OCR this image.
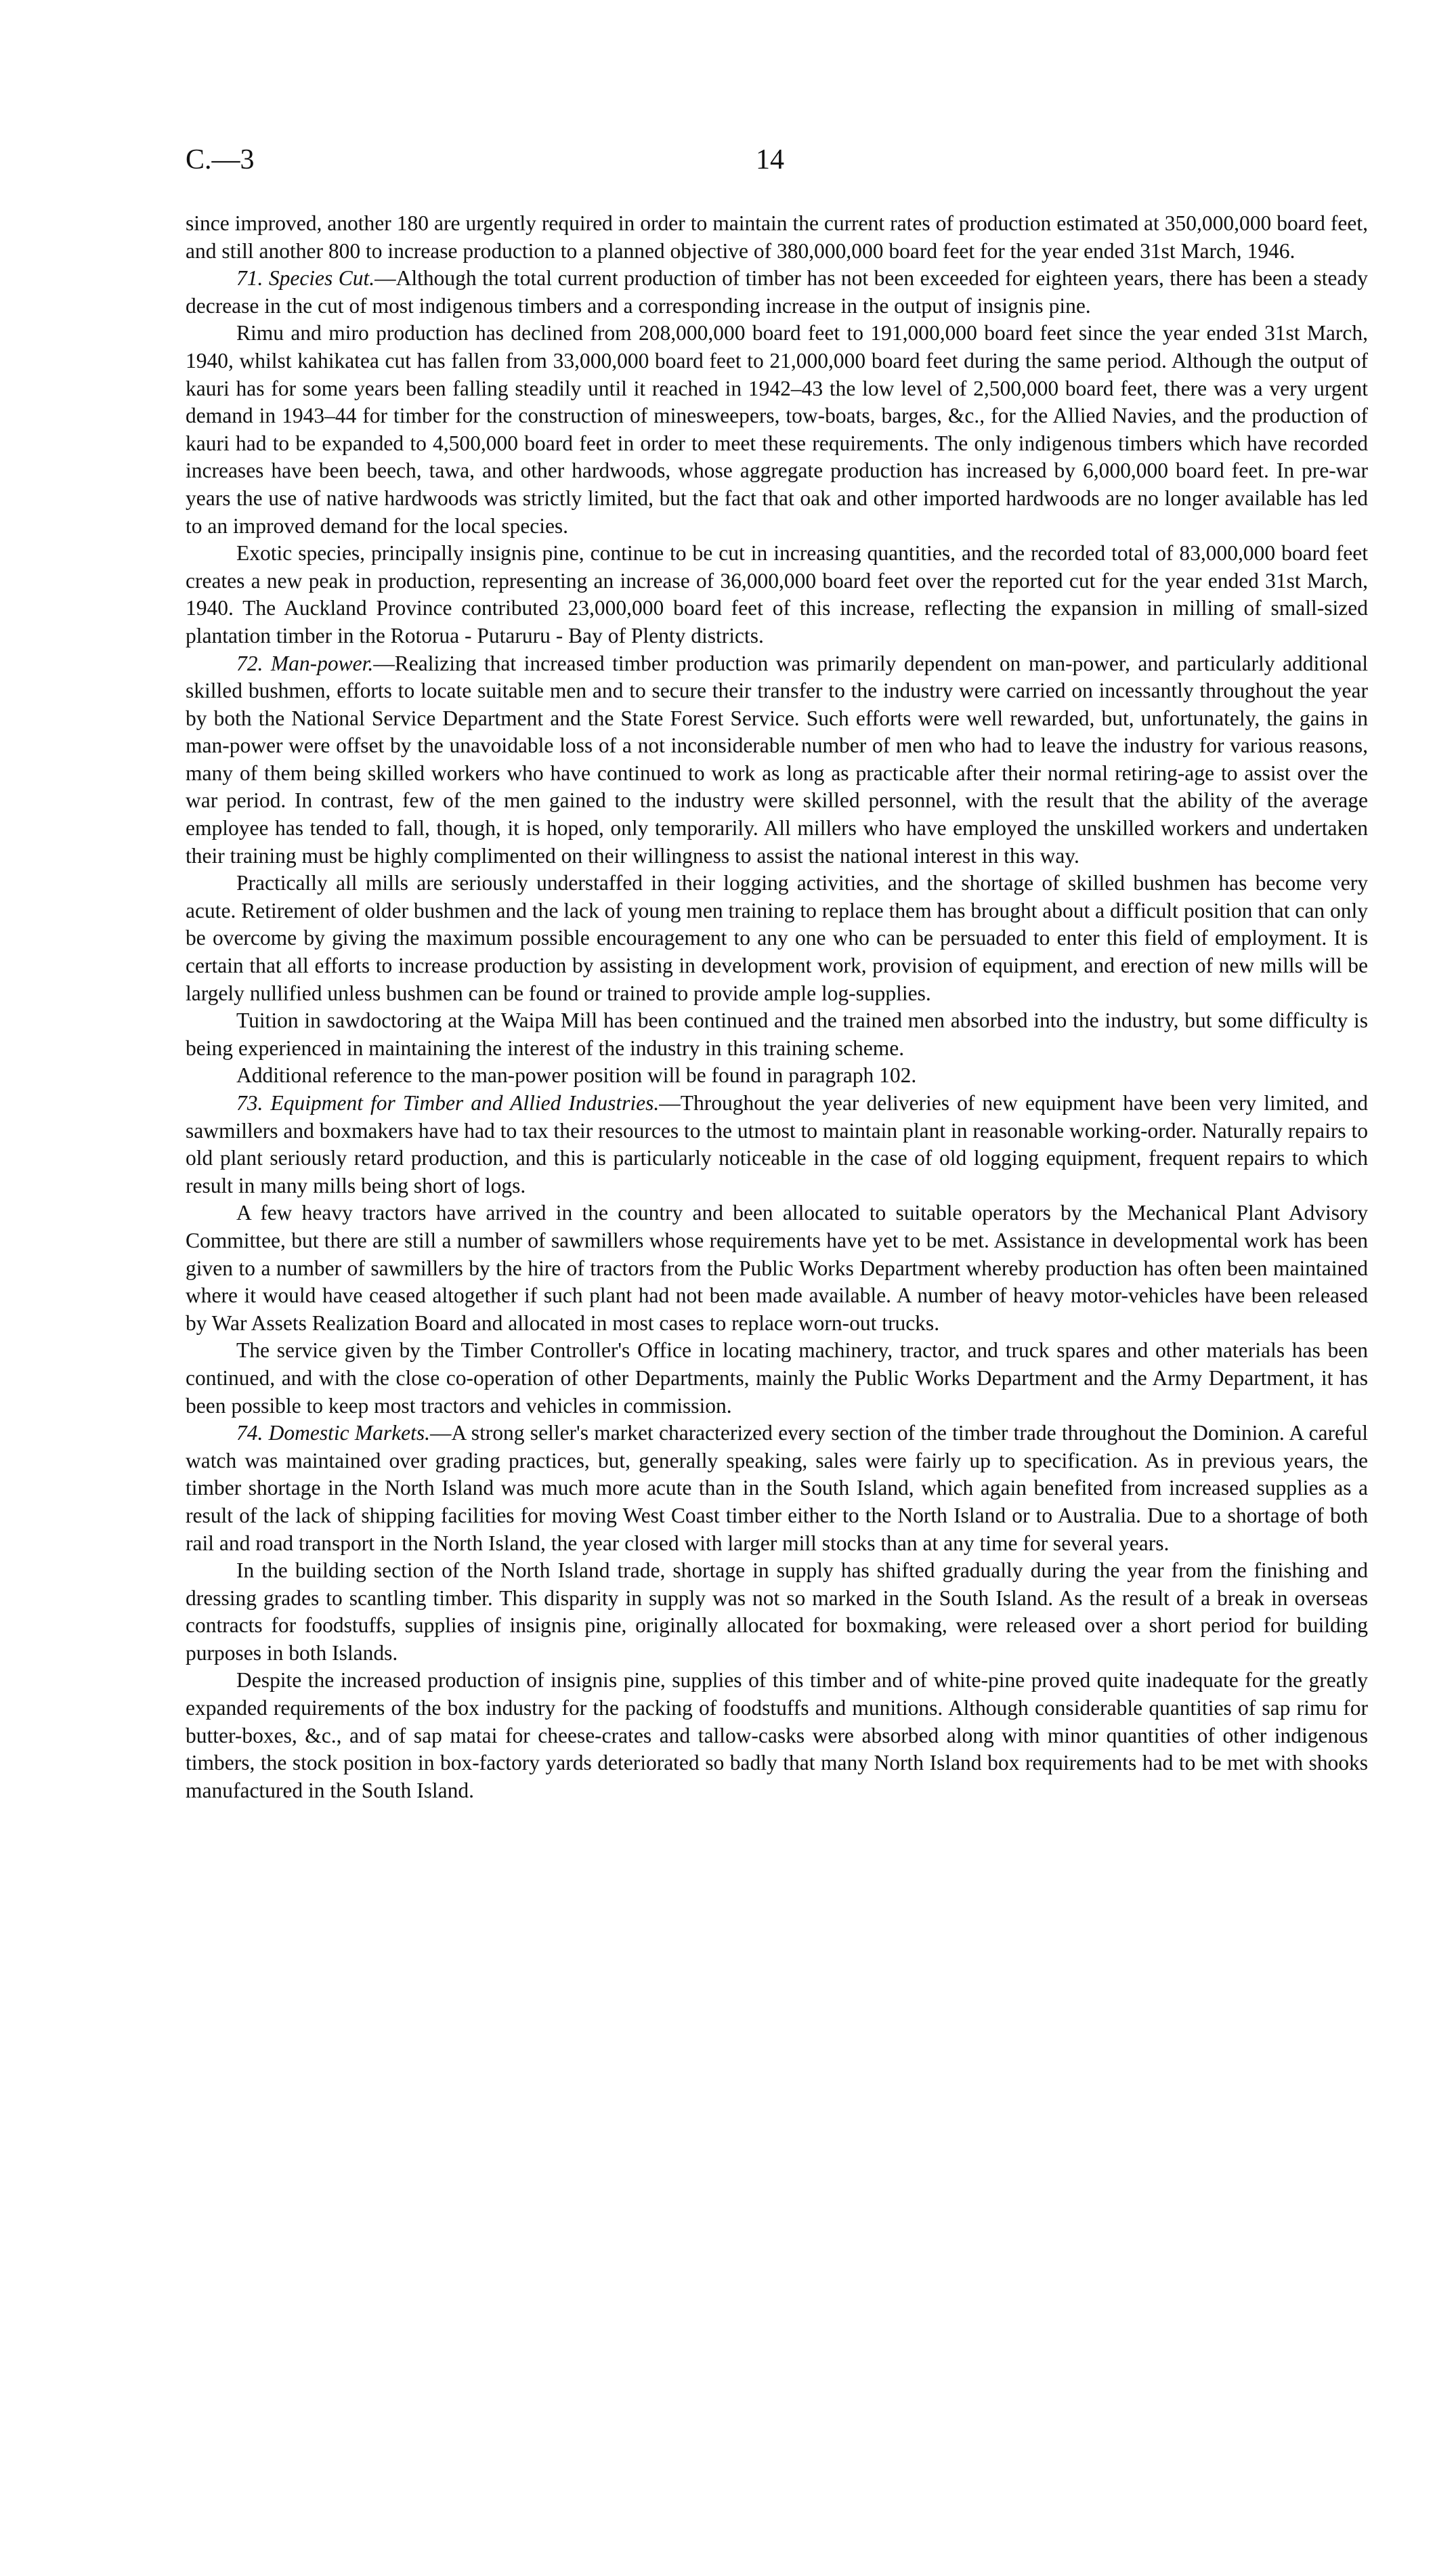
C.—3	14

since improved, another 180 are urgently required in order to maintain the current rates of production estimated at 350,000,000 board feet, and still another 800 to increase production to a planned objective of 380,000,000 board feet for the year ended 31st March, 1946.

71. Species Cut.—Although the total current production of timber has not been exceeded for eighteen years, there has been a steady decrease in the cut of most indigenous timbers and a corresponding increase in the output of insignis pine.

Rimu and miro production has declined from 208,000,000 board feet to 191,000,000 board feet since the year ended 31st March, 1940, whilst kahikatea cut has fallen from 33,000,000 board feet to 21,000,000 board feet during the same period. Although the output of kauri has for some years been falling steadily until it reached in 1942–43 the low level of 2,500,000 board feet, there was a very urgent demand in 1943–44 for timber for the construction of minesweepers, tow-boats, barges, &c., for the Allied Navies, and the production of kauri had to be expanded to 4,500,000 board feet in order to meet these requirements. The only indigenous timbers which have recorded increases have been beech, tawa, and other hardwoods, whose aggregate production has increased by 6,000,000 board feet. In pre-war years the use of native hardwoods was strictly limited, but the fact that oak and other imported hardwoods are no longer available has led to an improved demand for the local species.

Exotic species, principally insignis pine, continue to be cut in increasing quantities, and the recorded total of 83,000,000 board feet creates a new peak in production, representing an increase of 36,000,000 board feet over the reported cut for the year ended 31st March, 1940. The Auckland Province contributed 23,000,000 board feet of this increase, reflecting the expansion in milling of small-sized plantation timber in the Rotorua - Putaruru - Bay of Plenty districts.

72. Man-power.—Realizing that increased timber production was primarily dependent on man-power, and particularly additional skilled bushmen, efforts to locate suitable men and to secure their transfer to the industry were carried on incessantly throughout the year by both the National Service Department and the State Forest Service. Such efforts were well rewarded, but, unfortunately, the gains in man-power were offset by the unavoidable loss of a not inconsiderable number of men who had to leave the industry for various reasons, many of them being skilled workers who have continued to work as long as practicable after their normal retiring-age to assist over the war period. In contrast, few of the men gained to the industry were skilled personnel, with the result that the ability of the average employee has tended to fall, though, it is hoped, only temporarily. All millers who have employed the unskilled workers and undertaken their training must be highly complimented on their willingness to assist the national interest in this way.

Practically all mills are seriously understaffed in their logging activities, and the shortage of skilled bushmen has become very acute. Retirement of older bushmen and the lack of young men training to replace them has brought about a difficult position that can only be overcome by giving the maximum possible encouragement to any one who can be persuaded to enter this field of employment. It is certain that all efforts to increase production by assisting in development work, provision of equipment, and erection of new mills will be largely nullified unless bushmen can be found or trained to provide ample log-supplies.

Tuition in sawdoctoring at the Waipa Mill has been continued and the trained men absorbed into the industry, but some difficulty is being experienced in maintaining the interest of the industry in this training scheme.

Additional reference to the man-power position will be found in paragraph 102.

73. Equipment for Timber and Allied Industries.—Throughout the year deliveries of new equipment have been very limited, and sawmillers and boxmakers have had to tax their resources to the utmost to maintain plant in reasonable working-order. Naturally repairs to old plant seriously retard production, and this is particularly noticeable in the case of old logging equipment, frequent repairs to which result in many mills being short of logs.

A few heavy tractors have arrived in the country and been allocated to suitable operators by the Mechanical Plant Advisory Committee, but there are still a number of sawmillers whose requirements have yet to be met. Assistance in developmental work has been given to a number of sawmillers by the hire of tractors from the Public Works Department whereby production has often been maintained where it would have ceased altogether if such plant had not been made available. A number of heavy motor-vehicles have been released by War Assets Realization Board and allocated in most cases to replace worn-out trucks.

The service given by the Timber Controller's Office in locating machinery, tractor, and truck spares and other materials has been continued, and with the close co-operation of other Departments, mainly the Public Works Department and the Army Department, it has been possible to keep most tractors and vehicles in commission.

74. Domestic Markets.—A strong seller's market characterized every section of the timber trade throughout the Dominion. A careful watch was maintained over grading practices, but, generally speaking, sales were fairly up to specification. As in previous years, the timber shortage in the North Island was much more acute than in the South Island, which again benefited from increased supplies as a result of the lack of shipping facilities for moving West Coast timber either to the North Island or to Australia. Due to a shortage of both rail and road transport in the North Island, the year closed with larger mill stocks than at any time for several years.

In the building section of the North Island trade, shortage in supply has shifted gradually during the year from the finishing and dressing grades to scantling timber. This disparity in supply was not so marked in the South Island. As the result of a break in overseas contracts for foodstuffs, supplies of insignis pine, originally allocated for boxmaking, were released over a short period for building purposes in both Islands.

Despite the increased production of insignis pine, supplies of this timber and of white-pine proved quite inadequate for the greatly expanded requirements of the box industry for the packing of foodstuffs and munitions. Although considerable quantities of sap rimu for butter-boxes, &c., and of sap matai for cheese-crates and tallow-casks were absorbed along with minor quantities of other indigenous timbers, the stock position in box-factory yards deteriorated so badly that many North Island box requirements had to be met with shooks manufactured in the South Island.
